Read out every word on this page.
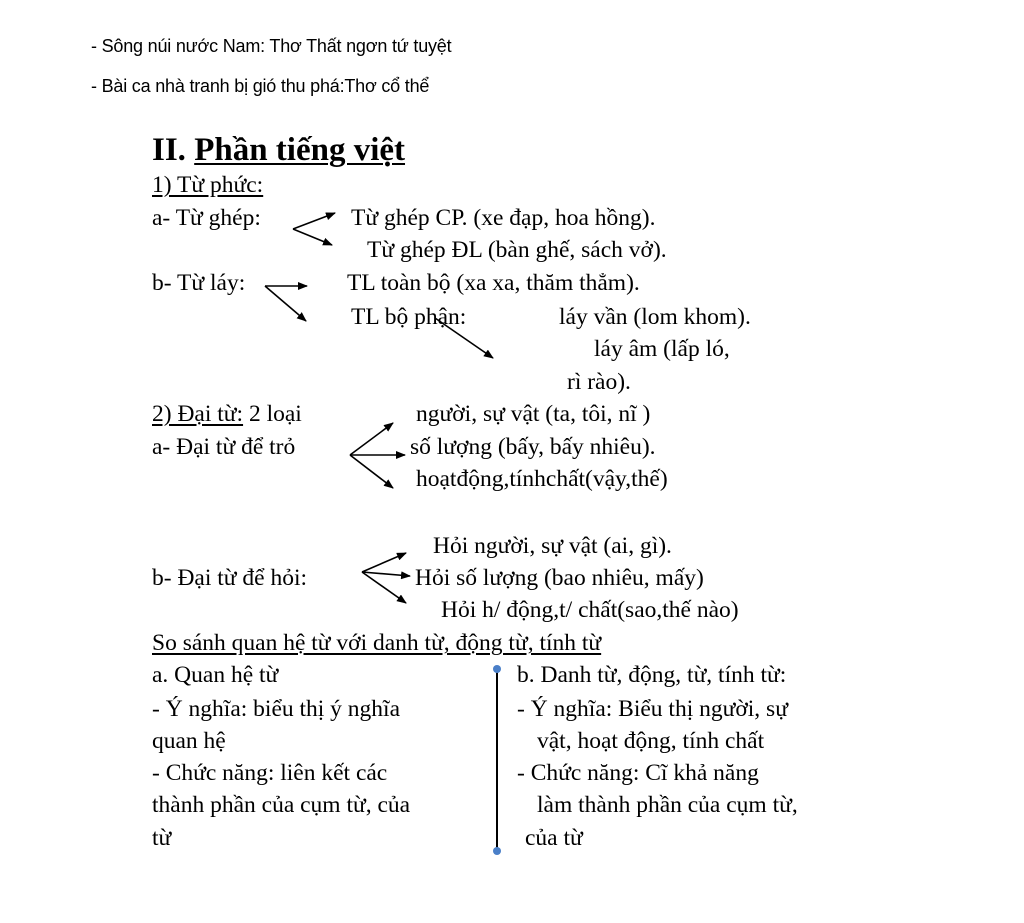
- Sông núi nước Nam: Thơ Thất ngơn tứ tuyệt
- Bài ca nhà tranh bị gió thu phá:Thơ cổ thể
II. Phần tiếng việt
1) Từ phức:
a- Từ ghép:	Từ ghép CP. (xe đạp, hoa hồng).
Từ ghép ĐL (bàn ghế, sách vở).
b- Từ láy:	TL toàn bộ (xa xa, thăm thẳm).
TL bộ phận:	láy vần (lom khom).
láy âm (lấp ló,
rì rào).
2) Đại từ: 2 loại
a- Đại từ để trỏ
người, sự vật (ta, tôi, nĩ )
số lượng (bấy, bấy nhiêu).
hoạtđộng,tínhchất(vậy,thế)
b- Đại từ để hỏi:
Hỏi người, sự vật (ai, gì).
Hỏi số lượng (bao nhiêu, mấy)
Hỏi h/ động,t/ chất(sao,thế nào)
So sánh quan hệ từ với danh từ, động từ, tính từ
a. Quan hệ từ
- Ý nghĩa: biểu thị ý nghĩa
quan hệ
- Chức năng: liên kết các
thành phần của cụm từ, của
từ
b. Danh từ, động, từ, tính từ:
- Ý nghĩa: Biểu thị người, sự
vật, hoạt động, tính chất
- Chức năng: Cĩ khả năng
làm thành phần của cụm từ,
của từ
